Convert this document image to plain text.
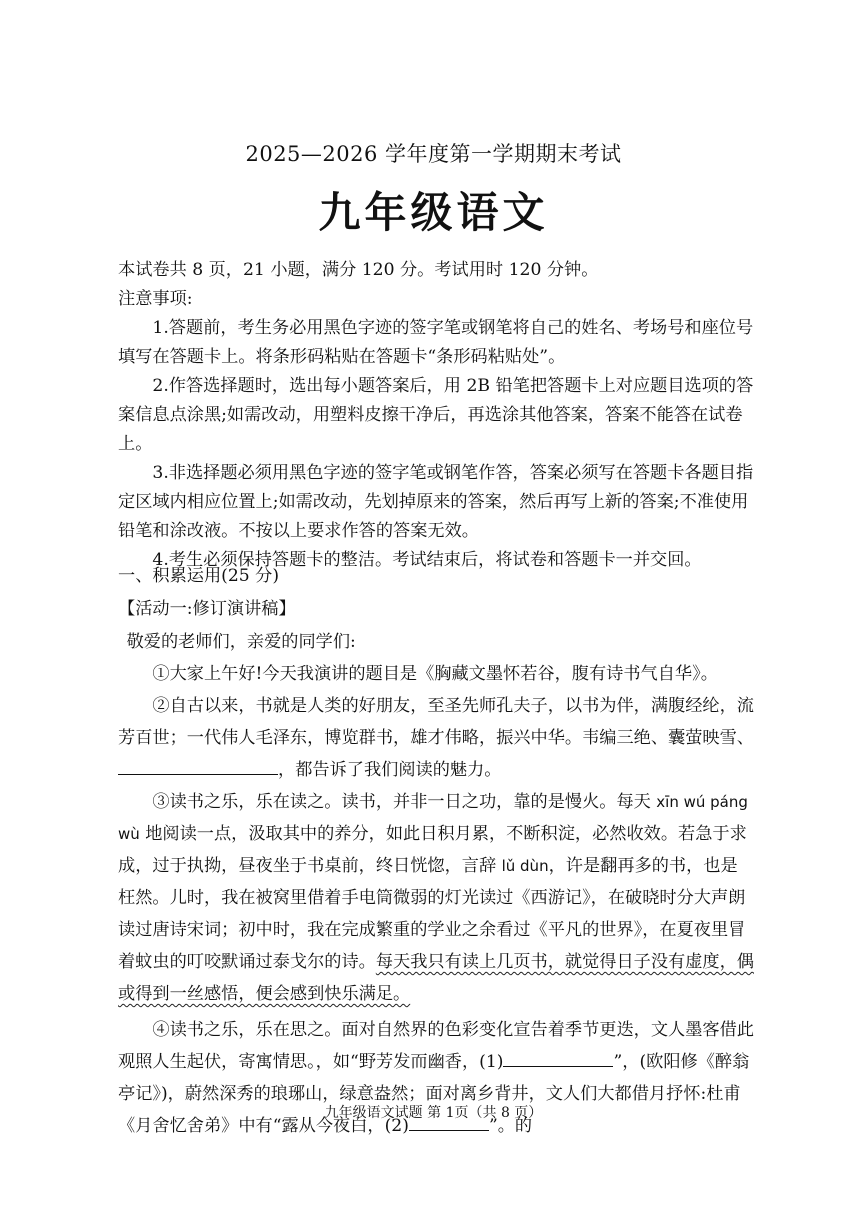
2025—2026 学年度第一学期期末考试
九年级语文

本试卷共 8 页，21 小题，满分 120 分。考试用时 120 分钟。

注意事项:

1.答题前，考生务必用黑色字迹的签字笔或钢笔将自己的姓名、考场号和座位号填写在答题卡上。将条形码粘贴在答题卡“条形码粘贴处”。

2.作答选择题时，选出每小题答案后，用 2B 铅笔把答题卡上对应题目选项的答案信息点涂黑;如需改动，用塑料皮擦干净后，再选涂其他答案，答案不能答在试卷上。

3.非选择题必须用黑色字迹的签字笔或钢笔作答，答案必须写在答题卡各题目指定区域内相应位置上;如需改动，先划掉原来的答案，然后再写上新的答案;不准使用铅笔和涂改液。不按以上要求作答的答案无效。

4.考生必须保持答题卡的整洁。考试结束后，将试卷和答题卡一并交回。

一、积累运用(25 分)

【活动一:修订演讲稿】

敬爱的老师们，亲爱的同学们:

①大家上午好!今天我演讲的题目是《胸藏文墨怀若谷，腹有诗书气自华》。

②自古以来，书就是人类的好朋友，至圣先师孔夫子，以书为伴，满腹经纶，流芳百世；一代伟人毛泽东，博览群书，雄才伟略，振兴中华。韦编三绝、囊萤映雪、，都告诉了我们阅读的魅力。

③读书之乐，乐在读之。读书，并非一日之功，靠的是慢火。每天 xīn wú páng wù 地阅读一点，汲取其中的养分，如此日积月累，不断积淀，必然收效。若急于求成，过于执拗，昼夜坐于书桌前，终日恍惚，言辞 lǔ dùn，许是翻再多的书，也是枉然。儿时，我在被窝里借着手电筒微弱的灯光读过《西游记》，在破晓时分大声朗读过唐诗宋词；初中时，我在完成繁重的学业之余看过《平凡的世界》，在夏夜里冒着蚊虫的叮咬默诵过泰戈尔的诗。每天我只有读上几页书，就觉得日子没有虚度，偶或得到一丝感悟，便会感到快乐满足。

④读书之乐，乐在思之。面对自然界的色彩变化宣告着季节更迭，文人墨客借此观照人生起伏，寄寓情思。，如“野芳发而幽香，(1)	”，(欧阳修《醉翁亭记》)，蔚然深秀的琅琊山，绿意盎然；面对离乡背井，文人们大都借月抒怀:杜甫《月舍忆舍弟》中有“露从今夜白，(2)	”。的

九年级语文试题 第 1页（共 8 页）
